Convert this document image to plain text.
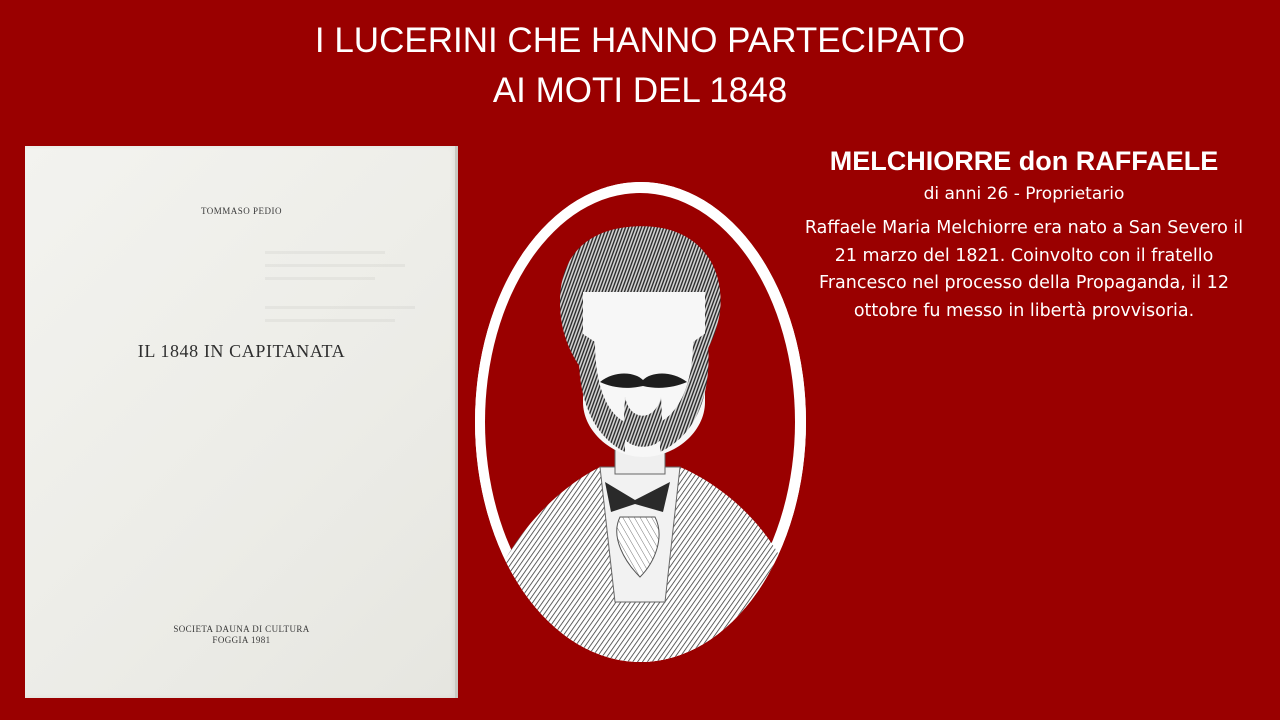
I LUCERINI CHE HANNO PARTECIPATO
AI MOTI DEL 1848
TOMMASO PEDIO
IL 1848 IN CAPITANATA
SOCIETA DAUNA DI CULTURA
FOGGIA 1981
MELCHIORRE don RAFFAELE
di anni 26 - Proprietario
Raffaele Maria Melchiorre era nato a San Severo il 21 marzo del 1821. Coinvolto con il fratello Francesco nel processo della Propaganda, il 12 ottobre fu messo in libertà provvisoria.
